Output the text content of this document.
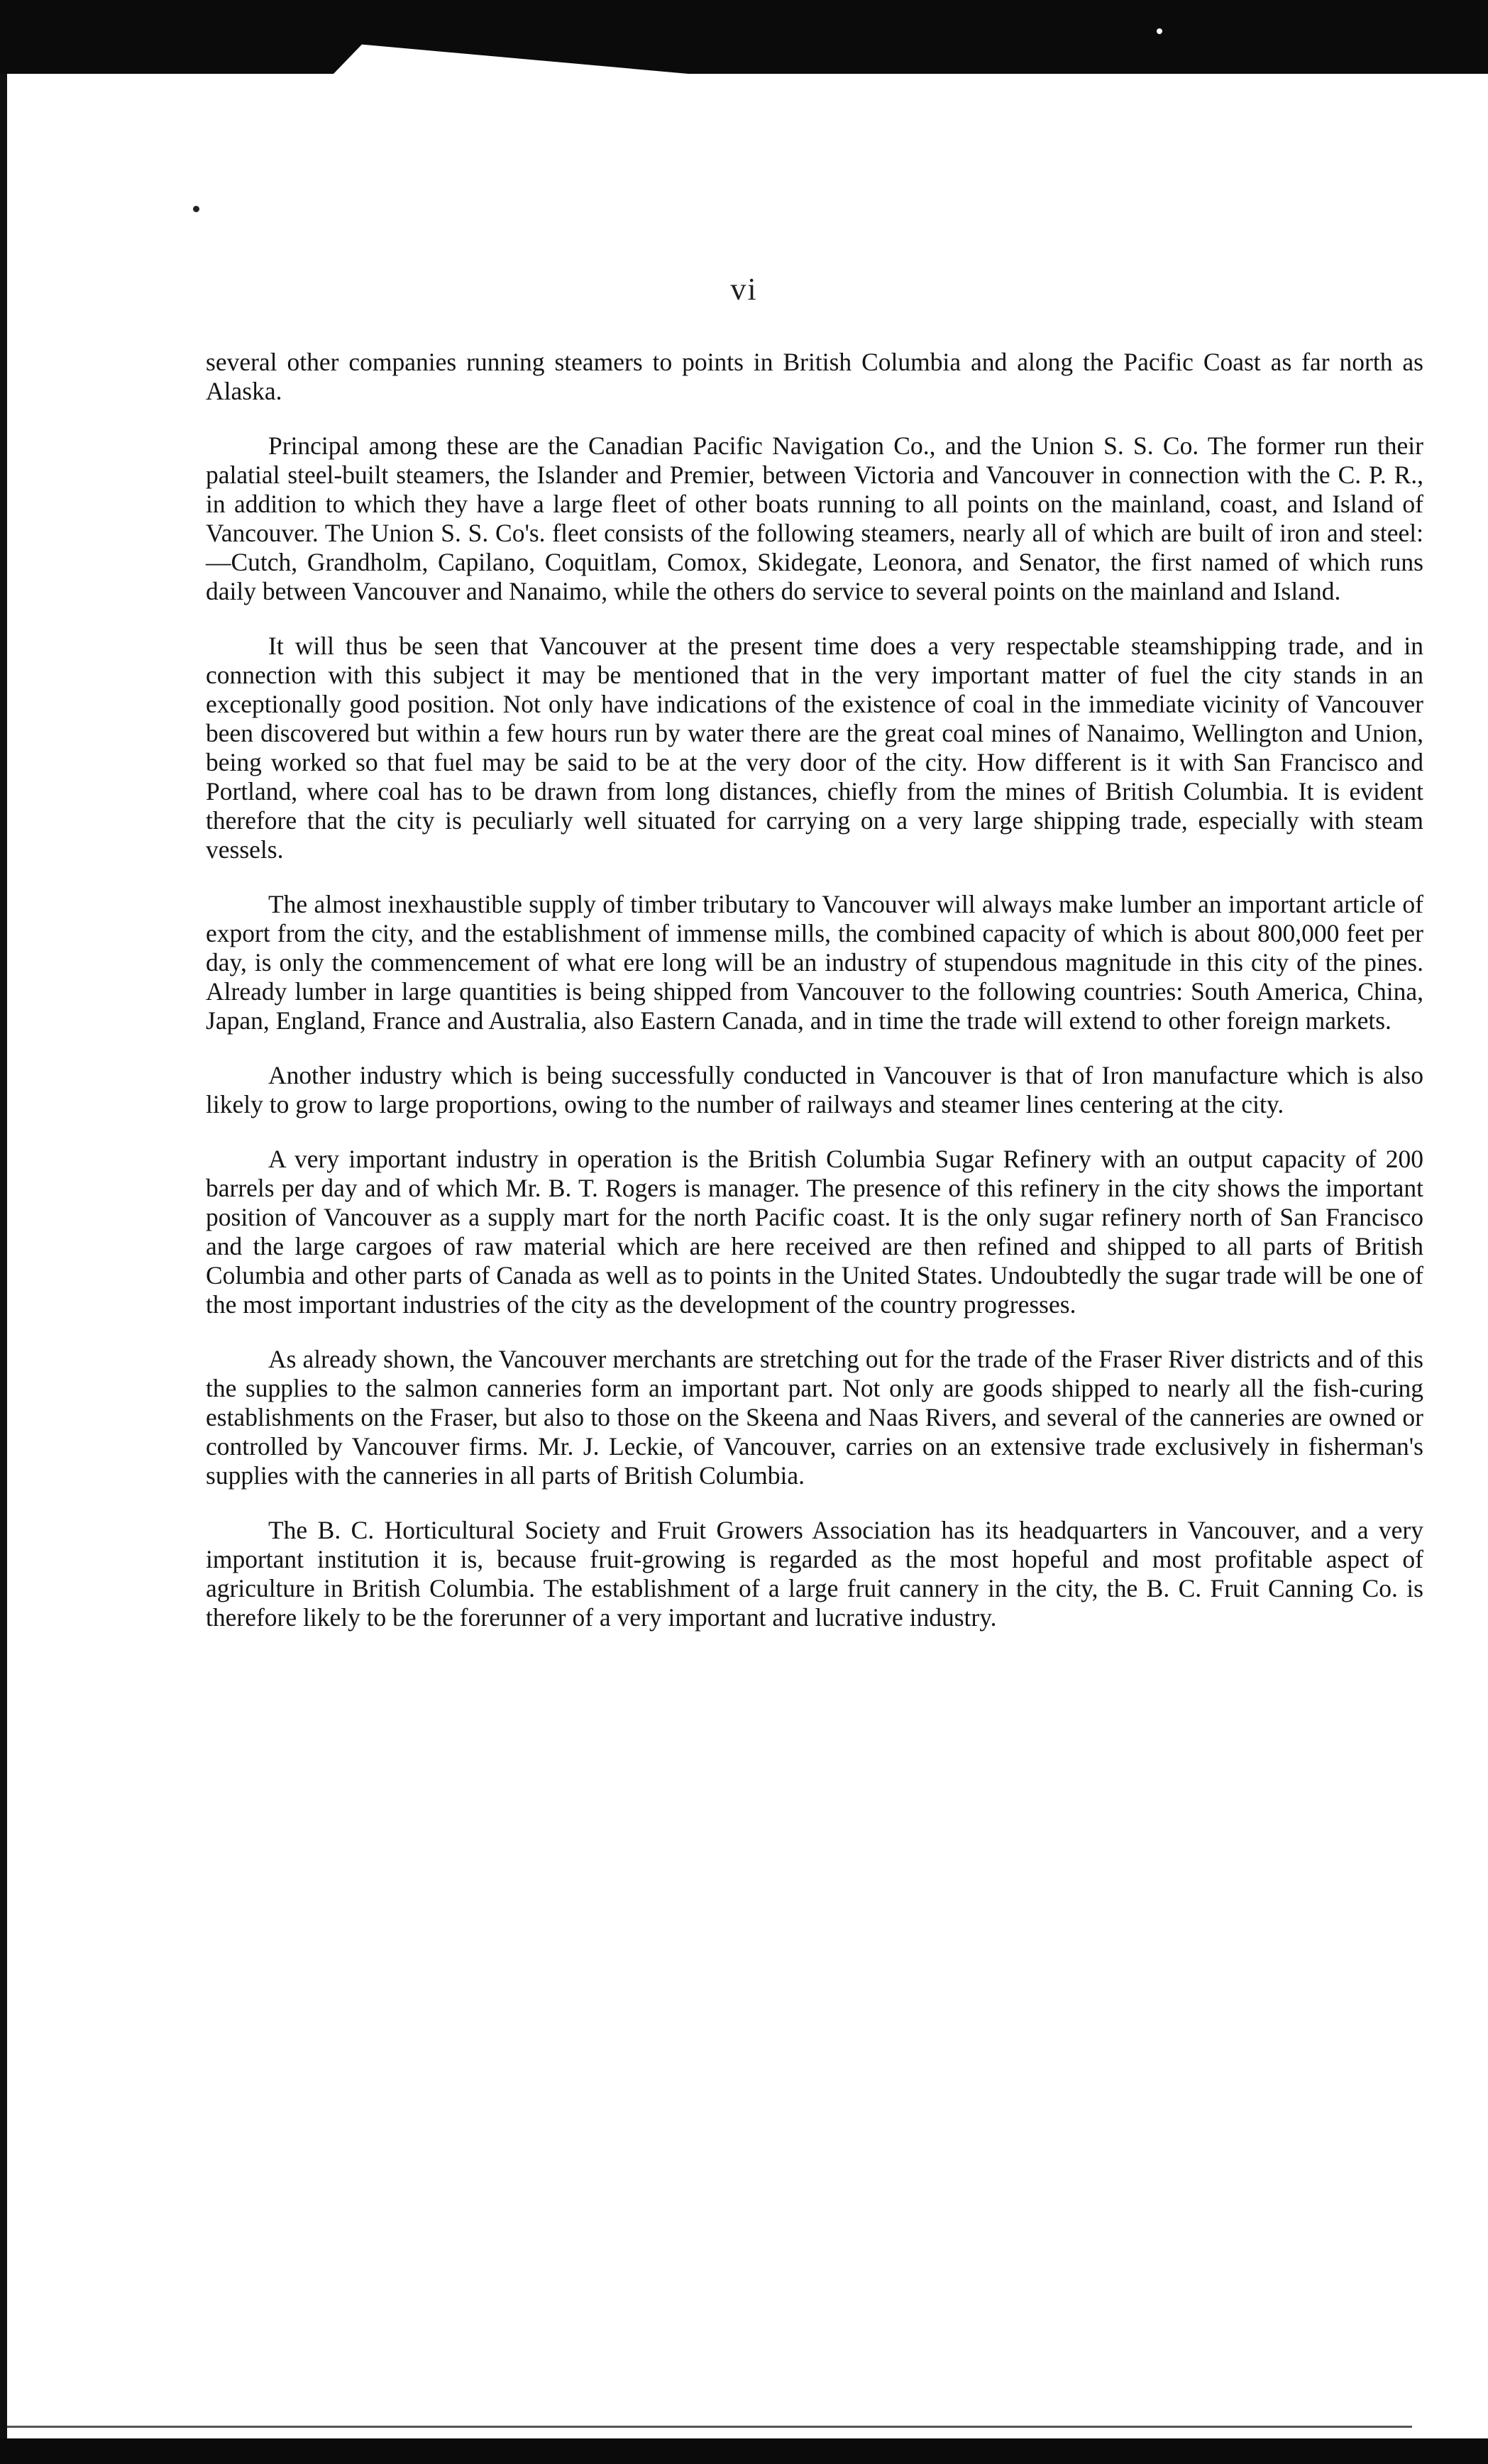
vi

several other companies running steamers to points in British Columbia and along the Pacific Coast as far north as Alaska.

Principal among these are the Canadian Pacific Navigation Co., and the Union S. S. Co. The former run their palatial steel-built steamers, the Islander and Premier, between Victoria and Vancouver in connection with the C. P. R., in addition to which they have a large fleet of other boats running to all points on the mainland, coast, and Island of Vancouver. The Union S. S. Co's. fleet consists of the following steamers, nearly all of which are built of iron and steel:—Cutch, Grandholm, Capilano, Coquitlam, Comox, Skidegate, Leonora, and Senator, the first named of which runs daily between Vancouver and Nanaimo, while the others do service to several points on the mainland and Island.

It will thus be seen that Vancouver at the present time does a very respectable steamshipping trade, and in connection with this subject it may be mentioned that in the very important matter of fuel the city stands in an exceptionally good position. Not only have indications of the existence of coal in the immediate vicinity of Vancouver been discovered but within a few hours run by water there are the great coal mines of Nanaimo, Wellington and Union, being worked so that fuel may be said to be at the very door of the city. How different is it with San Francisco and Portland, where coal has to be drawn from long distances, chiefly from the mines of British Columbia. It is evident therefore that the city is peculiarly well situated for carrying on a very large shipping trade, especially with steam vessels.

The almost inexhaustible supply of timber tributary to Vancouver will always make lumber an important article of export from the city, and the establishment of immense mills, the combined capacity of which is about 800,000 feet per day, is only the commencement of what ere long will be an industry of stupendous magnitude in this city of the pines. Already lumber in large quantities is being shipped from Vancouver to the following countries: South America, China, Japan, England, France and Australia, also Eastern Canada, and in time the trade will extend to other foreign markets.

Another industry which is being successfully conducted in Vancouver is that of Iron manufacture which is also likely to grow to large proportions, owing to the number of railways and steamer lines centering at the city.

A very important industry in operation is the British Columbia Sugar Refinery with an output capacity of 200 barrels per day and of which Mr. B. T. Rogers is manager. The presence of this refinery in the city shows the important position of Vancouver as a supply mart for the north Pacific coast. It is the only sugar refinery north of San Francisco and the large cargoes of raw material which are here received are then refined and shipped to all parts of British Columbia and other parts of Canada as well as to points in the United States. Undoubtedly the sugar trade will be one of the most important industries of the city as the development of the country progresses.

As already shown, the Vancouver merchants are stretching out for the trade of the Fraser River districts and of this the supplies to the salmon canneries form an important part. Not only are goods shipped to nearly all the fish-curing establishments on the Fraser, but also to those on the Skeena and Naas Rivers, and several of the canneries are owned or controlled by Vancouver firms. Mr. J. Leckie, of Vancouver, carries on an extensive trade exclusively in fisherman's supplies with the canneries in all parts of British Columbia.

The B. C. Horticultural Society and Fruit Growers Association has its headquarters in Vancouver, and a very important institution it is, because fruit-growing is regarded as the most hopeful and most profitable aspect of agriculture in British Columbia. The establishment of a large fruit cannery in the city, the B. C. Fruit Canning Co. is therefore likely to be the forerunner of a very important and lucrative industry.
